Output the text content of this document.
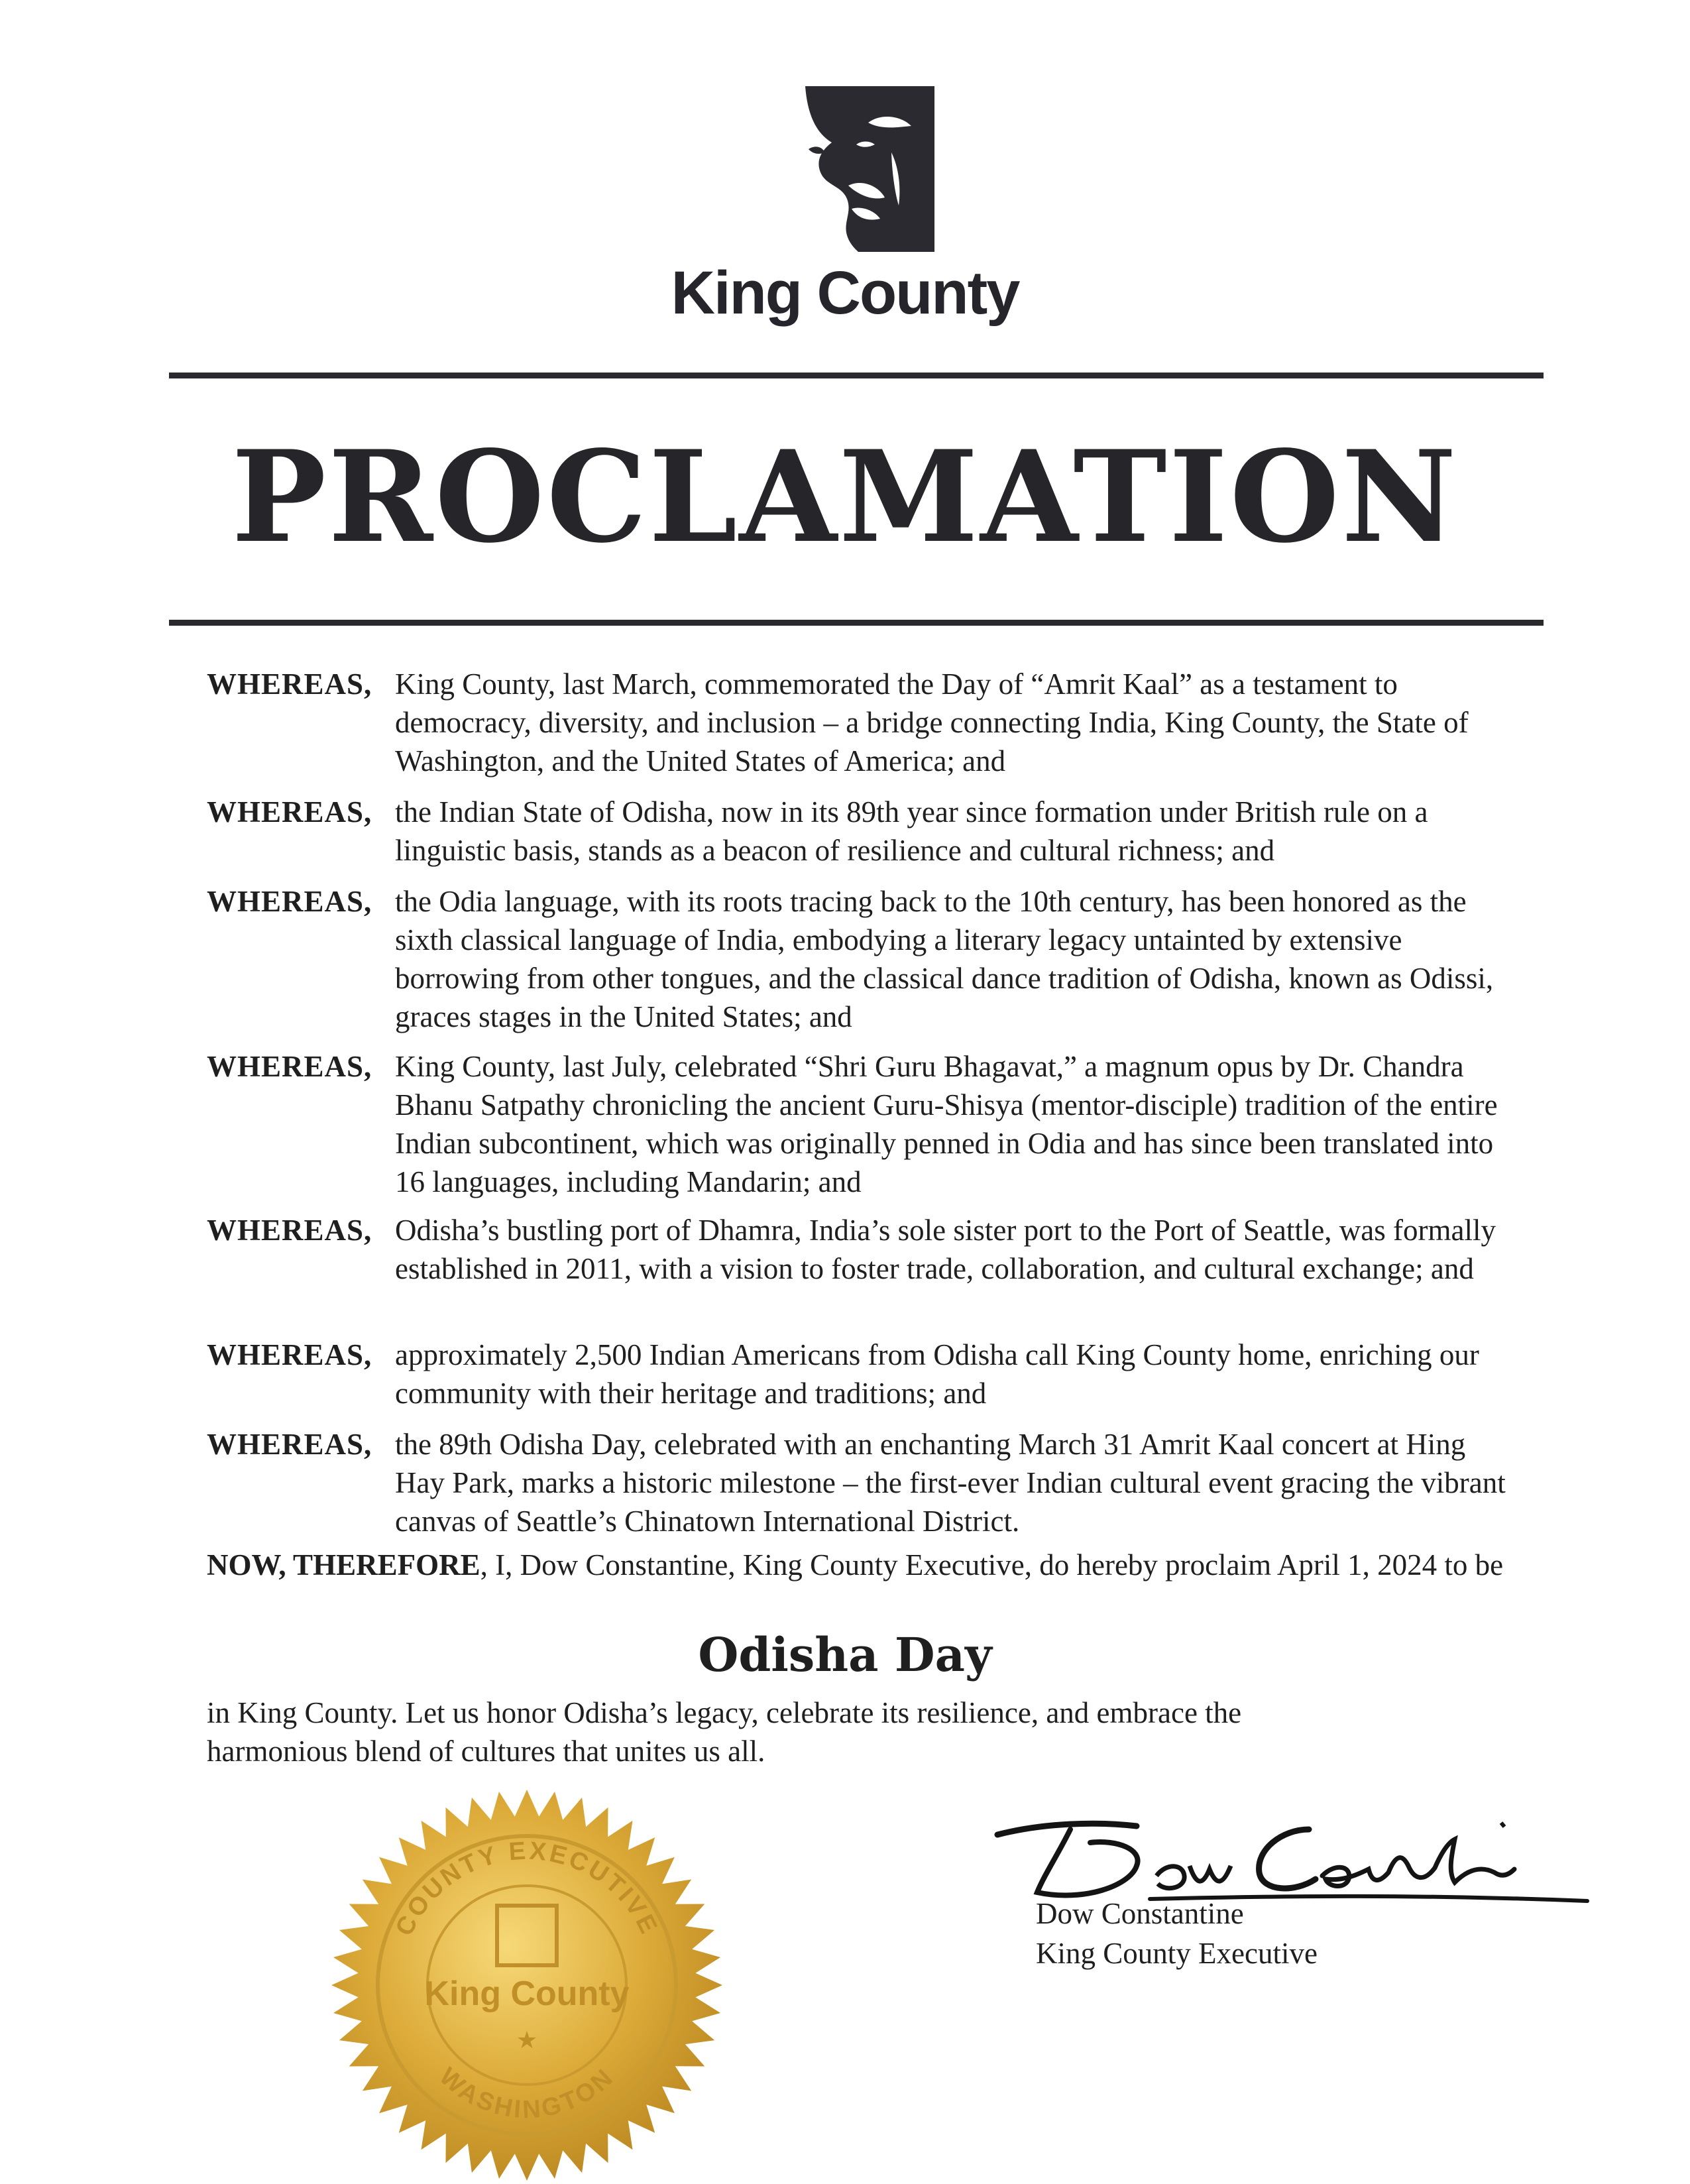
King County
PROCLAMATION
WHEREAS, King County, last March, commemorated the Day of “Amrit Kaal” as a testament to democracy, diversity, and inclusion – a bridge connecting India, King County, the State of Washington, and the United States of America; and
WHEREAS, the Indian State of Odisha, now in its 89th year since formation under British rule on a linguistic basis, stands as a beacon of resilience and cultural richness; and
WHEREAS, the Odia language, with its roots tracing back to the 10th century, has been honored as the sixth classical language of India, embodying a literary legacy untainted by extensive borrowing from other tongues, and the classical dance tradition of Odisha, known as Odissi, graces stages in the United States; and
WHEREAS, King County, last July, celebrated “Shri Guru Bhagavat,” a magnum opus by Dr. Chandra Bhanu Satpathy chronicling the ancient Guru-Shisya (mentor-disciple) tradition of the entire Indian subcontinent, which was originally penned in Odia and has since been translated into 16 languages, including Mandarin; and
WHEREAS, Odisha’s bustling port of Dhamra, India’s sole sister port to the Port of Seattle, was formally established in 2011, with a vision to foster trade, collaboration, and cultural exchange; and
WHEREAS, approximately 2,500 Indian Americans from Odisha call King County home, enriching our community with their heritage and traditions; and
WHEREAS, the 89th Odisha Day, celebrated with an enchanting March 31 Amrit Kaal concert at Hing Hay Park, marks a historic milestone – the first-ever Indian cultural event gracing the vibrant canvas of Seattle’s Chinatown International District.
NOW, THEREFORE, I, Dow Constantine, King County Executive, do hereby proclaim April 1, 2024 to be
Odisha Day
in King County. Let us honor Odisha’s legacy, celebrate its resilience, and embrace the harmonious blend of cultures that unites us all.
COUNTY EXECUTIVE
King County
★
WASHINGTON
Dow Constantine
Dow Constantine
King County Executive
